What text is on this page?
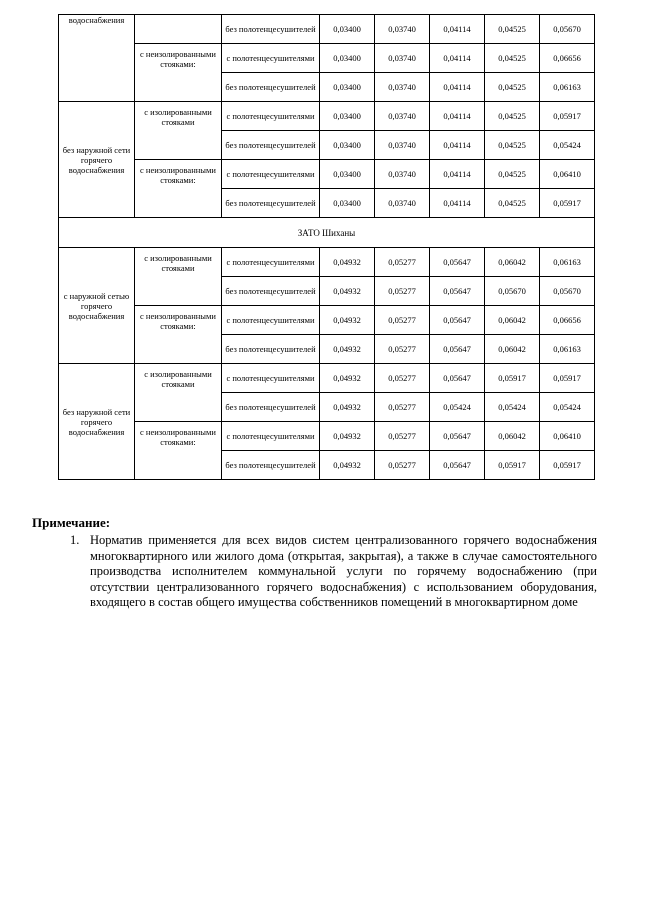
водоснабжения		без полотенцесушителей	0,03400	0,03740	0,04114	0,04525	0,05670
	с неизолированными стояками:	с полотенцесушителями	0,03400	0,03740	0,04114	0,04525	0,06656
		без полотенцесушителей	0,03400	0,03740	0,04114	0,04525	0,06163
без наружной сети горячего водоснабжения	с изолированными стояками	с полотенцесушителями	0,03400	0,03740	0,04114	0,04525	0,05917
		без полотенцесушителей	0,03400	0,03740	0,04114	0,04525	0,05424
	с неизолированными стояками:	с полотенцесушителями	0,03400	0,03740	0,04114	0,04525	0,06410
		без полотенцесушителей	0,03400	0,03740	0,04114	0,04525	0,05917
ЗАТО Шиханы							
с наружной сетью горячего водоснабжения	с изолированными стояками	с полотенцесушителями	0,04932	0,05277	0,05647	0,06042	0,06163
		без полотенцесушителей	0,04932	0,05277	0,05647	0,05670	0,05670
	с неизолированными стояками:	с полотенцесушителями	0,04932	0,05277	0,05647	0,06042	0,06656
		без полотенцесушителей	0,04932	0,05277	0,05647	0,06042	0,06163
без наружной сети горячего водоснабжения	с изолированными стояками	с полотенцесушителями	0,04932	0,05277	0,05647	0,05917	0,05917
		без полотенцесушителей	0,04932	0,05277	0,05424	0,05424	0,05424
	с неизолированными стояками:	с полотенцесушителями	0,04932	0,05277	0,05647	0,06042	0,06410
		без полотенцесушителей	0,04932	0,05277	0,05647	0,05917	0,05917
Примечание:
1. Норматив применяется для всех видов систем централизованного горячего водоснабжения многоквартирного или жилого дома (открытая, закрытая), а также в случае самостоятельного производства исполнителем коммунальной услуги по горячему водоснабжению (при отсутствии централизованного горячего водоснабжения) с использованием оборудования, входящего в состав общего имущества собственников помещений в многоквартирном доме
